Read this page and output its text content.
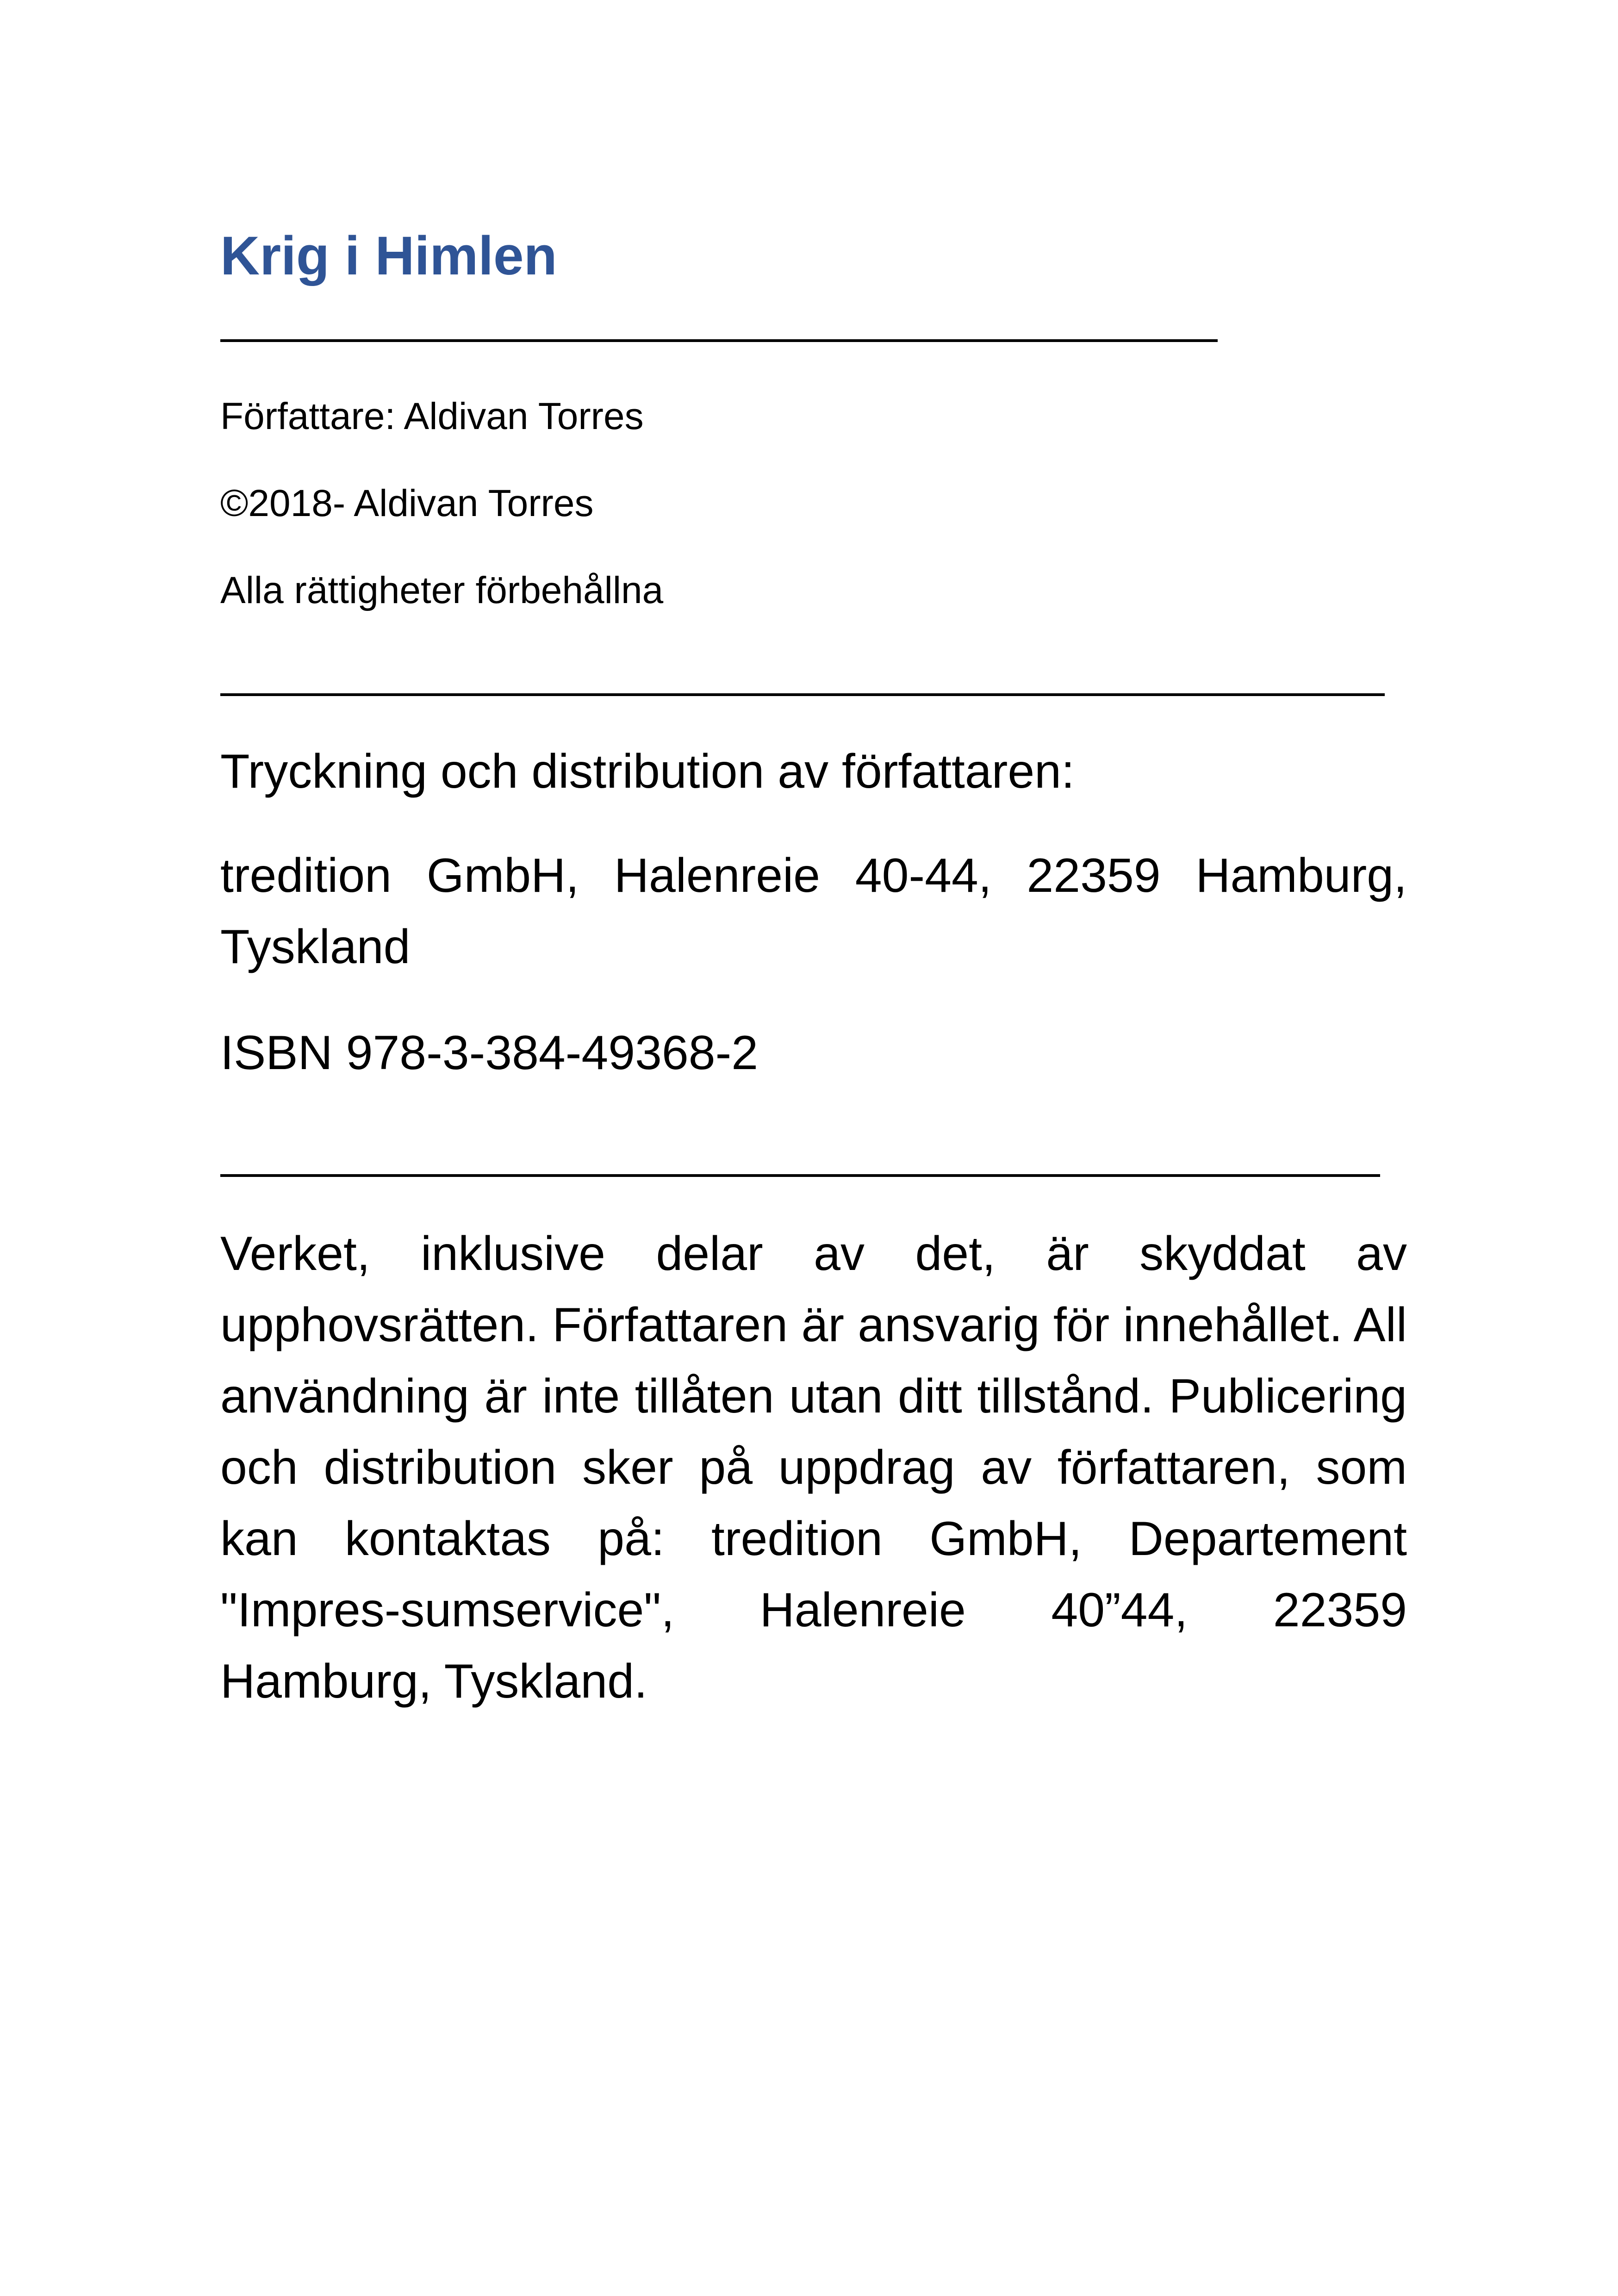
Krig i Himlen

Författare: Aldivan Torres

©2018- Aldivan Torres

Alla rättigheter förbehållna

Tryckning och distribution av författaren:

tredition GmbH, Halenreie 40-44, 22359 Hamburg, Tyskland

ISBN 978-3-384-49368-2

Verket, inklusive delar av det, är skyddat av upphovsrätten. Författaren är ansvarig för innehållet. All användning är inte tillåten utan ditt tillstånd. Publicering och distribution sker på uppdrag av författaren, som kan kontaktas på: tredition GmbH, Departement "Impres-sumservice", Halenreie 40”44, 22359 Hamburg, Tyskland.
